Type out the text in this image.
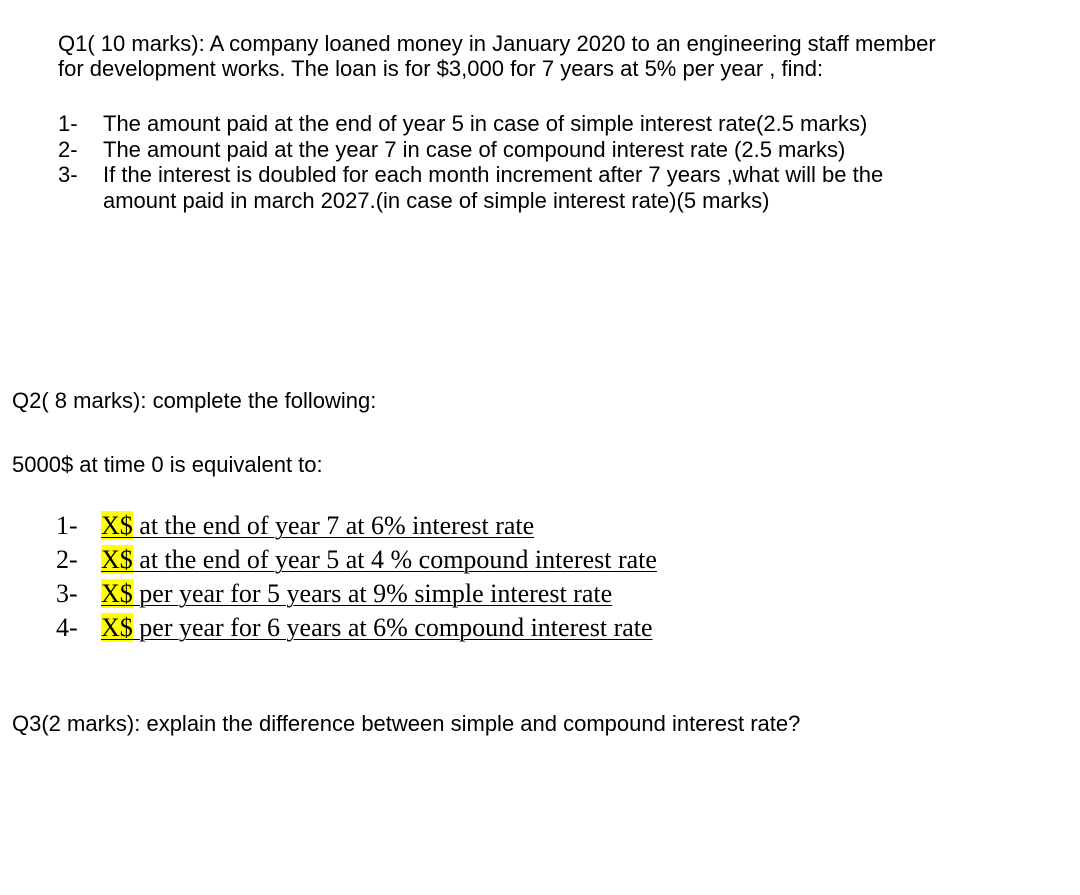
Q1( 10 marks): A company loaned money in January 2020 to an engineering staff member
for development works. The loan is for $3,000 for 7 years at 5% per year , find:
1- The amount paid at the end of year 5 in case of simple interest rate(2.5 marks)
2- The amount paid at the year 7 in case of compound interest rate (2.5 marks)
3- If the interest is doubled for each month increment after 7 years ,what will be the
amount paid in march 2027.(in case of simple interest rate)(5 marks)
Q2( 8 marks): complete the following:
5000$ at time 0 is equivalent to:
1- X$ at the end of year 7 at 6% interest rate
2- X$ at the end of year 5 at 4 % compound interest rate
3- X$ per year for 5 years at 9% simple interest rate
4- X$ per year for 6 years at 6% compound interest rate
Q3(2 marks): explain the difference between simple and compound interest rate?
